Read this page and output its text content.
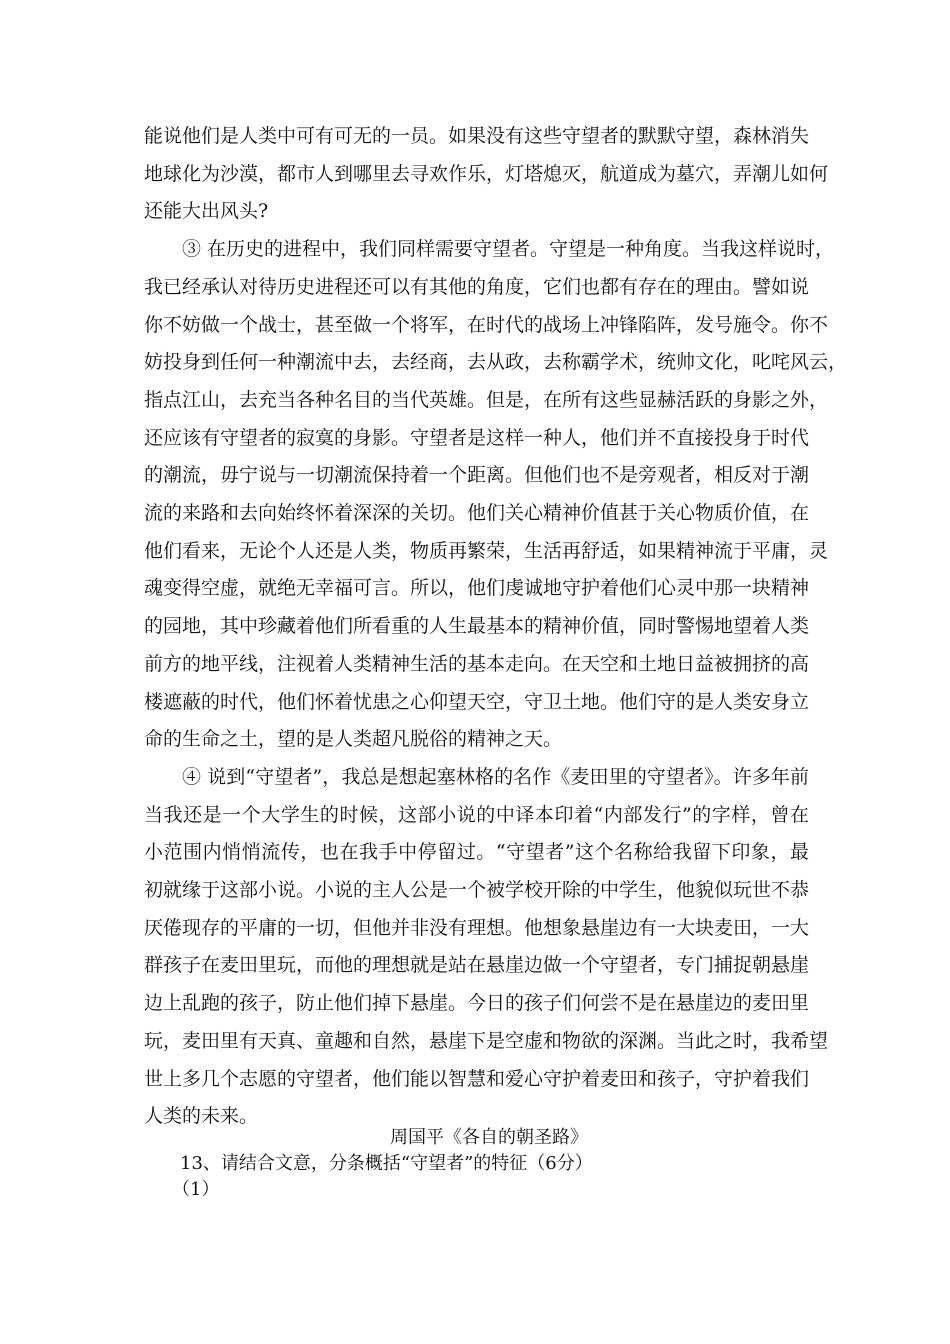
能说他们是人类中可有可无的一员。如果没有这些守望者的默默守望，森林消失
地球化为沙漠，都市人到哪里去寻欢作乐，灯塔熄灭，航道成为墓穴，弄潮儿如何
还能大出风头?

③ 在历史的进程中，我们同样需要守望者。守望是一种角度。当我这样说时，
我已经承认对待历史进程还可以有其他的角度，它们也都有存在的理由。譬如说
你不妨做一个战士，甚至做一个将军，在时代的战场上冲锋陷阵，发号施令。你不
妨投身到任何一种潮流中去，去经商，去从政，去称霸学术，统帅文化，叱咤风云，
指点江山，去充当各种名目的当代英雄。但是，在所有这些显赫活跃的身影之外，
还应该有守望者的寂寞的身影。守望者是这样一种人，他们并不直接投身于时代
的潮流，毋宁说与一切潮流保持着一个距离。但他们也不是旁观者，相反对于潮
流的来路和去向始终怀着深深的关切。他们关心精神价值甚于关心物质价值，在
他们看来，无论个人还是人类，物质再繁荣，生活再舒适，如果精神流于平庸，灵
魂变得空虚，就绝无幸福可言。所以，他们虔诚地守护着他们心灵中那一块精神
的园地，其中珍藏着他们所看重的人生最基本的精神价值，同时警惕地望着人类
前方的地平线，注视着人类精神生活的基本走向。在天空和土地日益被拥挤的高
楼遮蔽的时代，他们怀着忧患之心仰望天空，守卫土地。他们守的是人类安身立
命的生命之土，望的是人类超凡脱俗的精神之天。

④ 说到“守望者”，我总是想起塞林格的名作《麦田里的守望者》。许多年前
当我还是一个大学生的时候，这部小说的中译本印着“内部发行”的字样，曾在
小范围内悄悄流传，也在我手中停留过。“守望者”这个名称给我留下印象，最
初就缘于这部小说。小说的主人公是一个被学校开除的中学生，他貌似玩世不恭
厌倦现存的平庸的一切，但他并非没有理想。他想象悬崖边有一大块麦田，一大
群孩子在麦田里玩，而他的理想就是站在悬崖边做一个守望者，专门捕捉朝悬崖
边上乱跑的孩子，防止他们掉下悬崖。今日的孩子们何尝不是在悬崖边的麦田里
玩，麦田里有天真、童趣和自然，悬崖下是空虚和物欲的深渊。当此之时，我希望
世上多几个志愿的守望者，他们能以智慧和爱心守护着麦田和孩子，守护着我们
人类的未来。

周国平《各自的朝圣路》
13、请结合文意，分条概括“守望者”的特征（6分）
（1）
